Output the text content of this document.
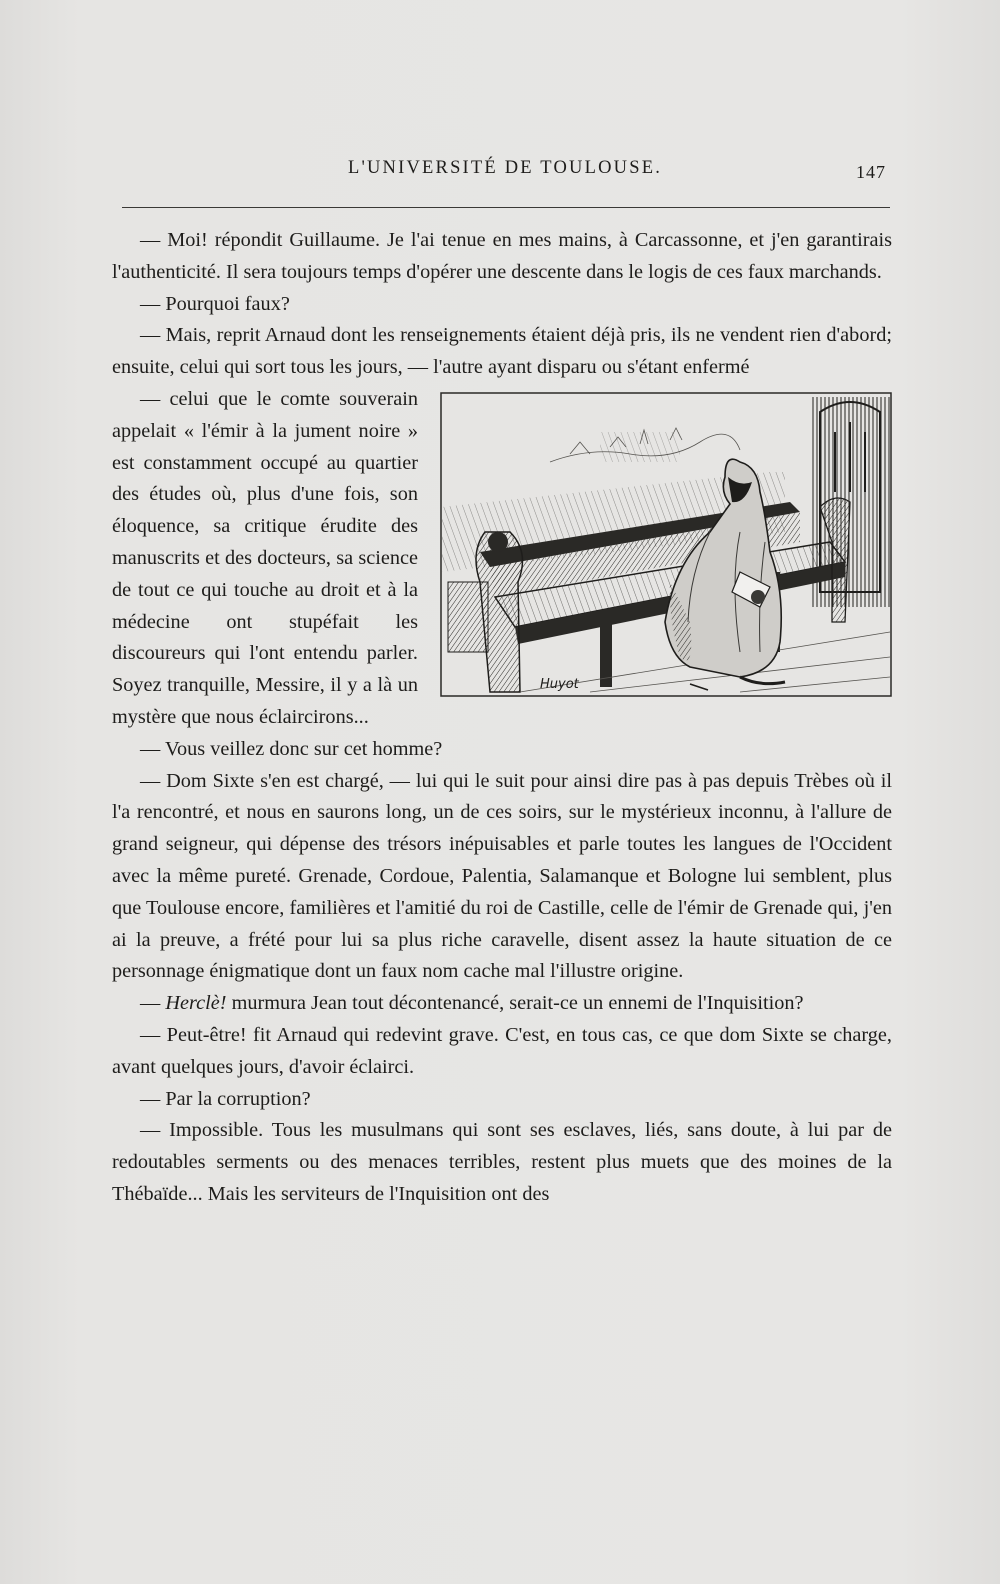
L'UNIVERSITÉ DE TOULOUSE.	147

— Moi! répondit Guillaume. Je l'ai tenue en mes mains, à Carcassonne, et j'en garantirais l'authenticité. Il sera toujours temps d'opérer une descente dans le logis de ces faux marchands.

— Pourquoi faux?

— Mais, reprit Arnaud dont les renseignements étaient déjà pris, ils ne vendent rien d'abord; ensuite, celui qui sort tous les jours, — l'autre ayant disparu ou s'étant enfermé

Huyot

— celui que le comte souverain appelait « l'émir à la jument noire » est constamment occupé au quartier des études où, plus d'une fois, son éloquence, sa critique érudite des manuscrits et des docteurs, sa science de tout ce qui touche au droit et à la médecine ont stupéfait les discoureurs qui l'ont entendu parler. Soyez tranquille, Messire, il y a là un mystère que nous éclaircirons...

— Vous veillez donc sur cet homme?

— Dom Sixte s'en est chargé, — lui qui le suit pour ainsi dire pas à pas depuis Trèbes où il l'a rencontré, et nous en saurons long, un de ces soirs, sur le mystérieux inconnu, à l'allure de grand seigneur, qui dépense des trésors inépuisables et parle toutes les langues de l'Occident avec la même pureté. Grenade, Cordoue, Palentia, Salamanque et Bologne lui semblent, plus que Toulouse encore, familières et l'amitié du roi de Castille, celle de l'émir de Grenade qui, j'en ai la preuve, a frété pour lui sa plus riche caravelle, disent assez la haute situation de ce personnage énigmatique dont un faux nom cache mal l'illustre origine.

— Herclè! murmura Jean tout décontenancé, serait-ce un ennemi de l'Inquisition?

— Peut-être! fit Arnaud qui redevint grave. C'est, en tous cas, ce que dom Sixte se charge, avant quelques jours, d'avoir éclairci.

— Par la corruption?

— Impossible. Tous les musulmans qui sont ses esclaves, liés, sans doute, à lui par de redoutables serments ou des menaces terribles, restent plus muets que des moines de la Thébaïde... Mais les serviteurs de l'Inquisition ont des
